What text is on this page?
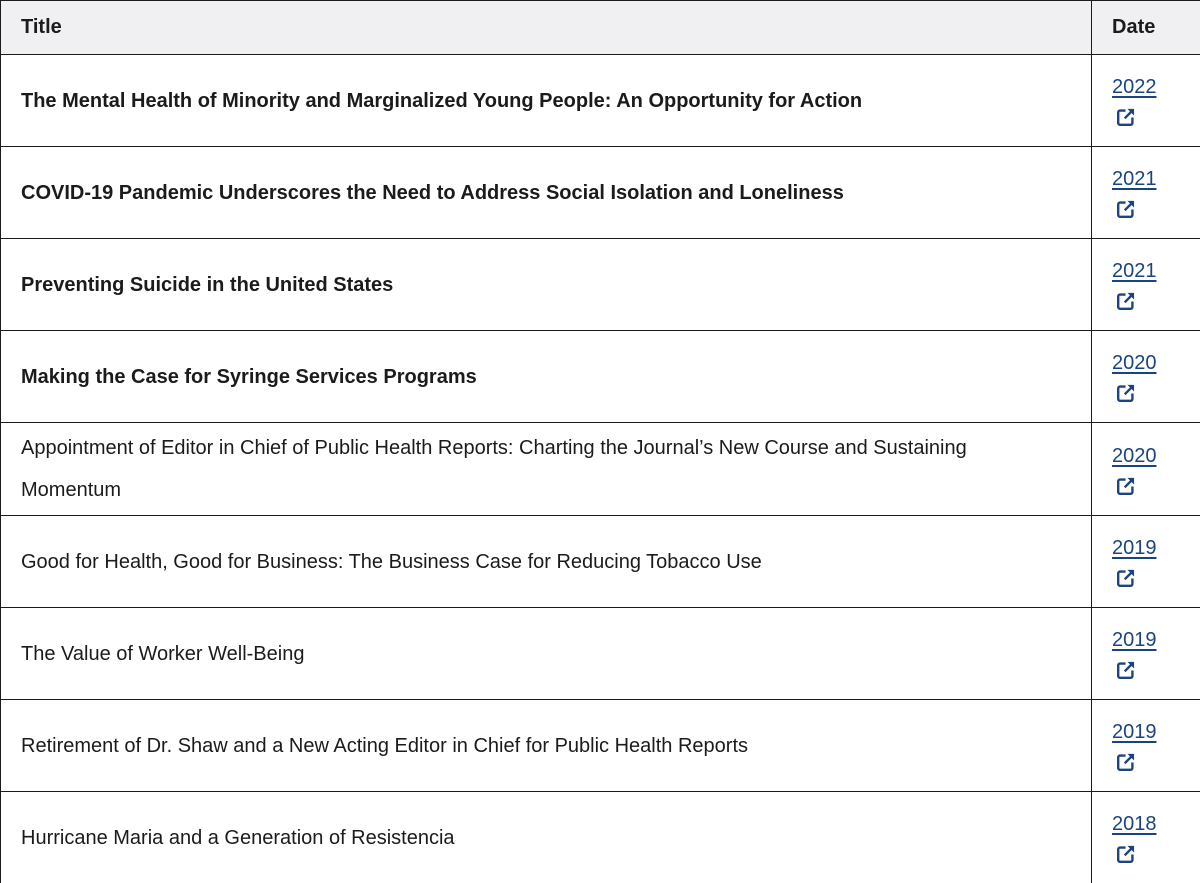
Title	Date
The Mental Health of Minority and Marginalized Young People: An Opportunity for Action	2022

COVID-19 Pandemic Underscores the Need to Address Social Isolation and Loneliness	2021

Preventing Suicide in the United States	2021

Making the Case for Syringe Services Programs	2020

Appointment of Editor in Chief of Public Health Reports: Charting the Journal’s New Course and Sustaining Momentum	2020

Good for Health, Good for Business: The Business Case for Reducing Tobacco Use	2019

The Value of Worker Well-Being	2019

Retirement of Dr. Shaw and a New Acting Editor in Chief for Public Health Reports	2019

Hurricane Maria and a Generation of Resistencia	2018
